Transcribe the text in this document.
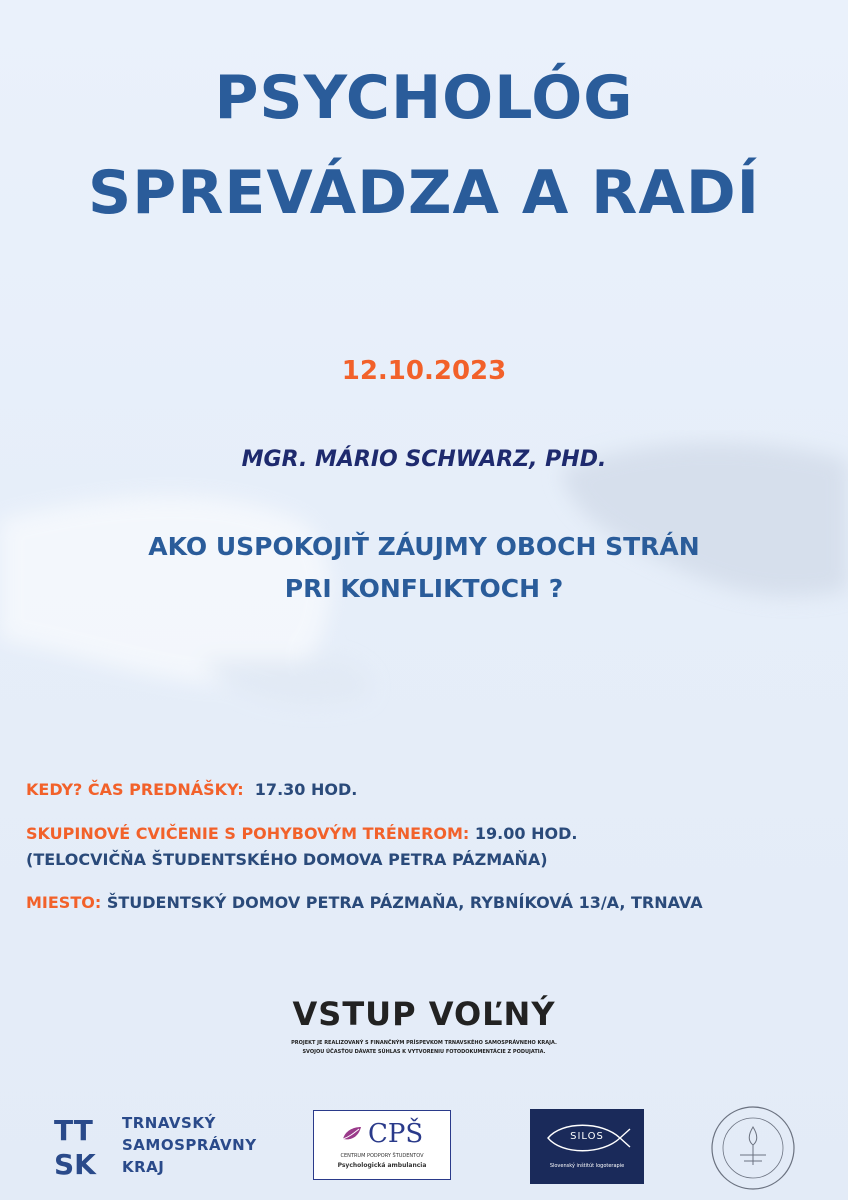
PSYCHOLÓG
SPREVÁDZA A RADÍ
12.10.2023
MGR. MÁRIO SCHWARZ, PHD.
AKO USPOKOJIŤ ZÁUJMY OBOCH STRÁN
PRI KONFLIKTOCH ?
KEDY? ČAS PREDNÁŠKY: 17.30 HOD.
SKUPINOVÉ CVIČENIE S POHYBOVÝM TRÉNEROM: 19.00 HOD.
(TELOCVIČŇA ŠTUDENTSKÉHO DOMOVA PETRA PÁZMAŇA)
MIESTO: ŠTUDENTSKÝ DOMOV PETRA PÁZMAŇA, RYBNÍKOVÁ 13/A, TRNAVA
VSTUP VOĽNÝ
PROJEKT JE REALIZOVANÝ S FINANČNÝM PRÍSPEVKOM TRNAVSKÉHO SAMOSPRÁVNEHO KRAJA.
SVOJOU ÚČASŤOU DÁVATE SÚHLAS K VYTVORENIU FOTODOKUMENTÁCIE Z PODUJATIA.
TT
SK
TRNAVSKÝ
SAMOSPRÁVNY
KRAJ
CPŠ
CENTRUM PODPORY ŠTUDENTOV
Psychologická ambulancia
SILOS
Slovenský inštitút logoterapie
